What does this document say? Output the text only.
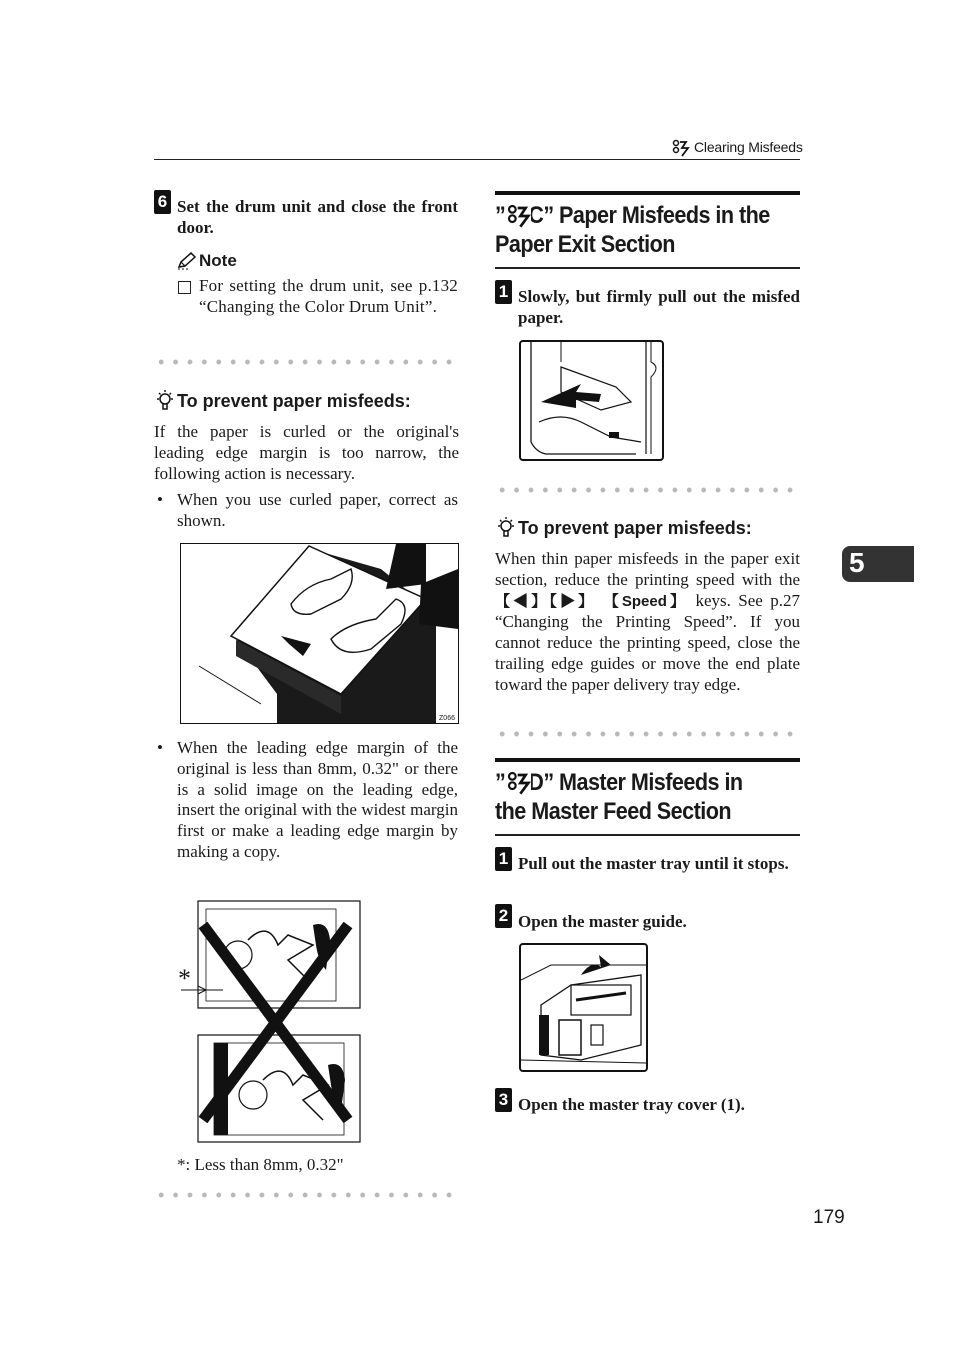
Clearing Misfeeds
6 Set the drum unit and close the front door.
Note
For setting the drum unit, see p.132 “Changing the Color Drum Unit”.
To prevent paper misfeeds:
If the paper is curled or the original's leading edge margin is too narrow, the following action is necessary.
• When you use curled paper, correct as shown.
Z066
• When the leading edge margin of the original is less than 8mm, 0.32" or there is a solid image on the leading edge, insert the original with the widest margin first or make a leading edge margin by making a copy.
*
*: Less than 8mm, 0.32"
” + C” Paper Misfeeds in the
Paper Exit Section
1 Slowly, but firmly pull out the misfed paper.
To prevent paper misfeeds:
When thin paper misfeeds in the paper exit section, reduce the printing speed with the 【◀】【▶】 【Speed】 keys. See p.27 “Changing the Printing Speed”. If you cannot reduce the printing speed, close the trailing edge guides or move the end plate toward the paper delivery tray edge.
” + D” Master Misfeeds in
the Master Feed Section
1 Pull out the master tray until it stops.
2 Open the master guide.
3 Open the master tray cover (1).
5
179
